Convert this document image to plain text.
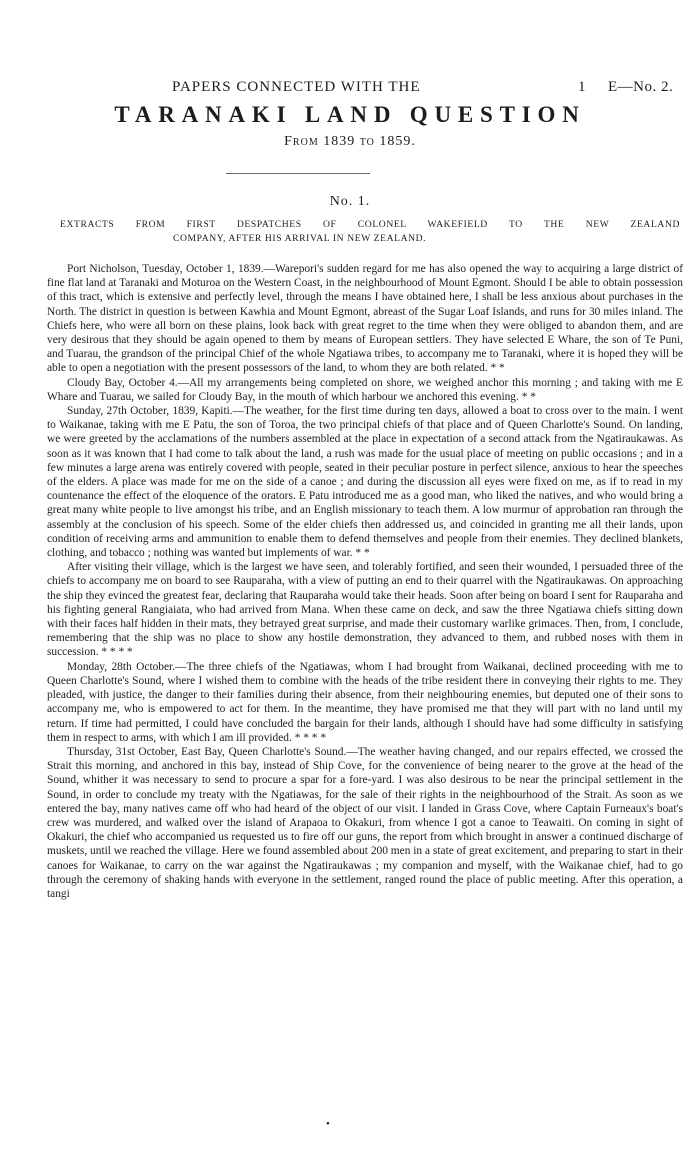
PAPERS CONNECTED WITH THE	1 E—No. 2.
TARANAKI LAND QUESTION
From 1839 to 1859.
No. 1.
EXTRACTS FROM FIRST DESPATCHES OF COLONEL WAKEFIELD TO THE NEW ZEALAND
COMPANY, AFTER HIS ARRIVAL IN NEW ZEALAND.

Port Nicholson, Tuesday, October 1, 1839.—Warepori's sudden regard for me has also opened the way to acquiring a large district of fine flat land at Taranaki and Moturoa on the Western Coast, in the neighbourhood of Mount Egmont. Should I be able to obtain possession of this tract, which is extensive and perfectly level, through the means I have obtained here, I shall be less anxious about purchases in the North. The district in question is between Kawhia and Mount Egmont, abreast of the Sugar Loaf Islands, and runs for 30 miles inland. The Chiefs here, who were all born on these plains, look back with great regret to the time when they were obliged to abandon them, and are very desirous that they should be again opened to them by means of European settlers. They have selected E Whare, the son of Te Puni, and Tuarau, the grandson of the principal Chief of the whole Ngatiawa tribes, to accompany me to Taranaki, where it is hoped they will be able to open a negotiation with the present possessors of the land, to whom they are both related. * *

Cloudy Bay, October 4.—All my arrangements being completed on shore, we weighed anchor this morning ; and taking with me E Whare and Tuarau, we sailed for Cloudy Bay, in the mouth of which harbour we anchored this evening. * *

Sunday, 27th October, 1839, Kapiti.—The weather, for the first time during ten days, allowed a boat to cross over to the main. I went to Waikanae, taking with me E Patu, the son of Toroa, the two principal chiefs of that place and of Queen Charlotte's Sound. On landing, we were greeted by the acclamations of the numbers assembled at the place in expectation of a second attack from the Ngatiraukawas. As soon as it was known that I had come to talk about the land, a rush was made for the usual place of meeting on public occasions ; and in a few minutes a large arena was entirely covered with people, seated in their peculiar posture in perfect silence, anxious to hear the speeches of the elders. A place was made for me on the side of a canoe ; and during the discussion all eyes were fixed on me, as if to read in my countenance the effect of the eloquence of the orators. E Patu introduced me as a good man, who liked the natives, and who would bring a great many white people to live amongst his tribe, and an English missionary to teach them. A low murmur of approbation ran through the assembly at the conclusion of his speech. Some of the elder chiefs then addressed us, and coincided in granting me all their lands, upon condition of receiving arms and ammunition to enable them to defend themselves and people from their enemies. They declined blankets, clothing, and tobacco ; nothing was wanted but implements of war. * *

After visiting their village, which is the largest we have seen, and tolerably fortified, and seen their wounded, I persuaded three of the chiefs to accompany me on board to see Rauparaha, with a view of putting an end to their quarrel with the Ngatiraukawas. On approaching the ship they evinced the greatest fear, declaring that Rauparaha would take their heads. Soon after being on board I sent for Rauparaha and his fighting general Rangiaiata, who had arrived from Mana. When these came on deck, and saw the three Ngatiawa chiefs sitting down with their faces half hidden in their mats, they betrayed great surprise, and made their customary warlike grimaces. Then, from, I conclude, remembering that the ship was no place to show any hostile demonstration, they advanced to them, and rubbed noses with them in succession. * * * *

Monday, 28th October.—The three chiefs of the Ngatiawas, whom I had brought from Waikanai, declined proceeding with me to Queen Charlotte's Sound, where I wished them to combine with the heads of the tribe resident there in conveying their rights to me. They pleaded, with justice, the danger to their families during their absence, from their neighbouring enemies, but deputed one of their sons to accompany me, who is empowered to act for them. In the meantime, they have promised me that they will part with no land until my return. If time had permitted, I could have concluded the bargain for their lands, although I should have had some difficulty in satisfying them in respect to arms, with which I am ill provided. * * * *

Thursday, 31st October, East Bay, Queen Charlotte's Sound.—The weather having changed, and our repairs effected, we crossed the Strait this morning, and anchored in this bay, instead of Ship Cove, for the convenience of being nearer to the grove at the head of the Sound, whither it was necessary to send to procure a spar for a fore-yard. I was also desirous to be near the principal settlement in the Sound, in order to conclude my treaty with the Ngatiawas, for the sale of their rights in the neighbourhood of the Strait. As soon as we entered the bay, many natives came off who had heard of the object of our visit. I landed in Grass Cove, where Captain Furneaux's boat's crew was murdered, and walked over the island of Arapaoa to Okakuri, from whence I got a canoe to Teawaiti. On coming in sight of Okakuri, the chief who accompanied us requested us to fire off our guns, the report from which brought in answer a continued discharge of muskets, until we reached the village. Here we found assembled about 200 men in a state of great excitement, and preparing to start in their canoes for Waikanae, to carry on the war against the Ngatiraukawas ; my companion and myself, with the Waikanae chief, had to go through the ceremony of shaking hands with everyone in the settlement, ranged round the place of public meeting. After this operation, a tangi

•
